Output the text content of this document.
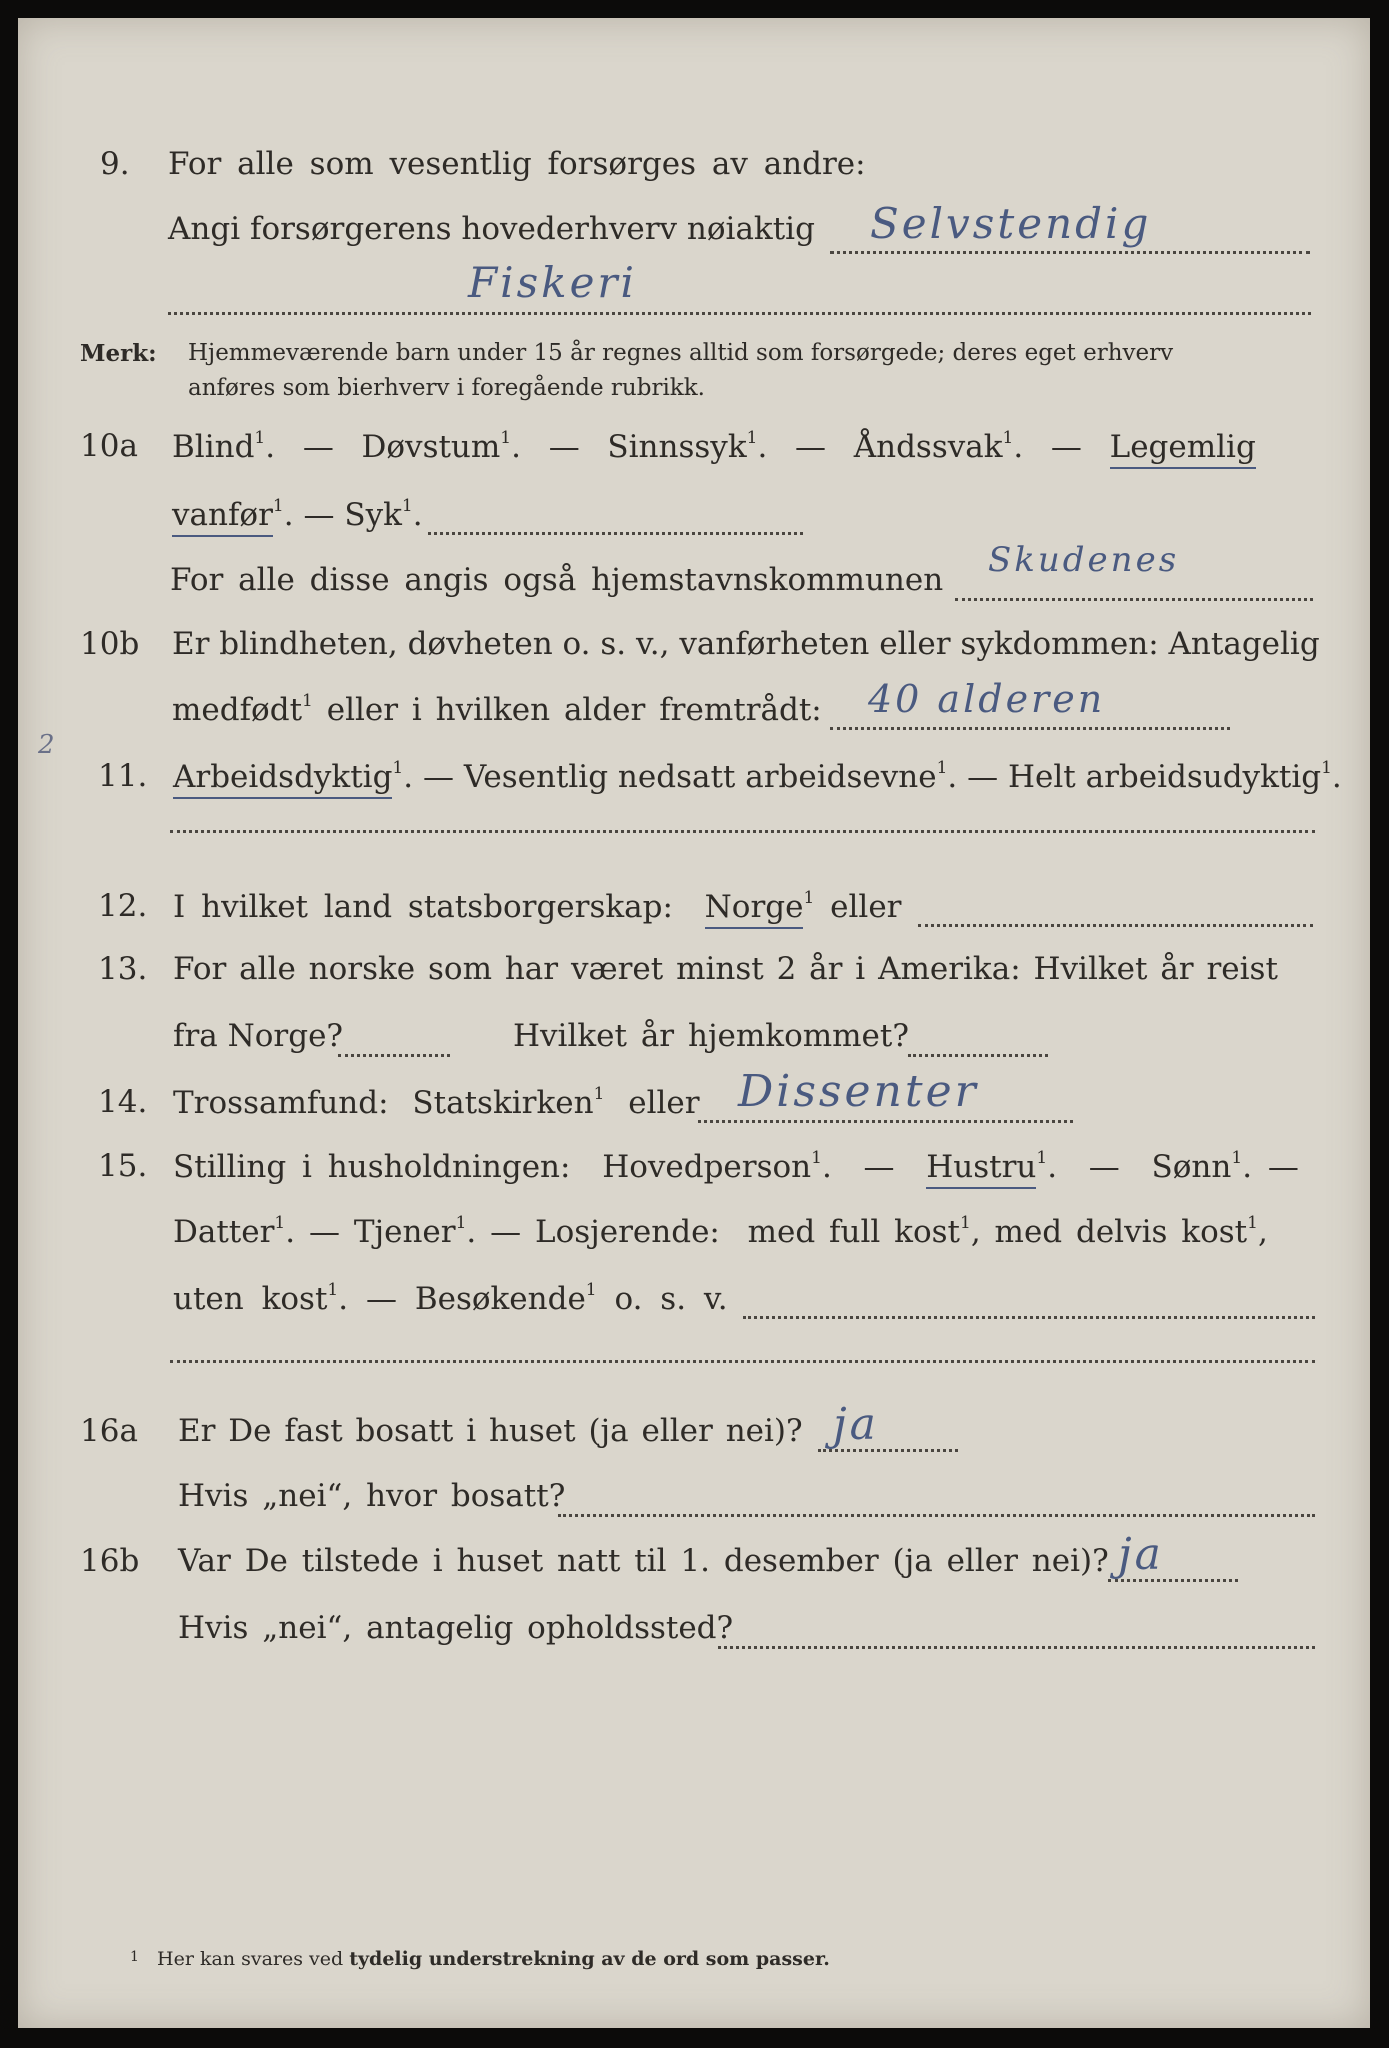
9. For alle som vesentlig forsørges av andre:
Angi forsørgerens hovederhverv nøiaktig Selvstendig
Fiskeri
Merk: Hjemmeværende barn under 15 år regnes alltid som forsørgede; deres eget erhverv
anføres som bierhverv i foregående rubrikk.
10a Blind$^1$.  — Døvstum$^1$.  — Sinnssyk$^1$.  — Åndssvak$^1$.  — Legemlig
vanfør$^1$. — Syk$^1$.
For alle disse angis også hjemstavnskommunen Skudenes
10b Er blindheten, døvheten o. s. v., vanførheten eller sykdommen: Antagelig
medfødt$^1$ eller i hvilken alder fremtrådt: 40 alderen
2
11. Arbeidsdyktig$^1$. — Vesentlig nedsatt arbeidsevne$^1$. — Helt arbeidsudyktig$^1$.
12. I hvilket land statsborgerskap: Norge$^1$ eller
13. For alle norske som har været minst 2 år i Amerika: Hvilket år reist
fra Norge?	Hvilket år hjemkommet?
14. Trossamfund: Statskirken$^1$ eller Dissenter
15. Stilling i husholdningen: Hovedperson$^1$.  — Hustru$^1$.  — Sønn$^1$. —
Datter$^1$. — Tjener$^1$. — Losjerende: med full kost$^1$, med delvis kost$^1$,
uten kost$^1$. — Besøkende$^1$ o. s. v.
16a Er De fast bosatt i huset (ja eller nei)? ja
Hvis „nei“, hvor bosatt?
16b Var De tilstede i huset natt til 1. desember (ja eller nei)? ja
Hvis „nei“, antagelig opholdssted?
$^1$ Her kan svares ved tydelig understrekning av de ord som passer.
